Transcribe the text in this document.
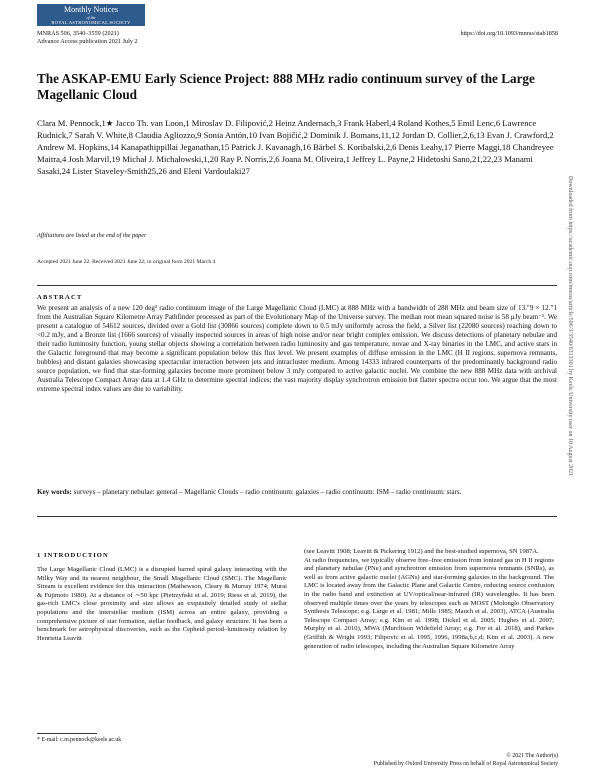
Monthly Notices
of the
ROYAL ASTRONOMICAL SOCIETY
MNRAS 506, 3540–3559 (2021)
Advance Access publication 2021 July 2
https://doi.org/10.1093/mnras/stab1858
The ASKAP-EMU Early Science Project: 888 MHz radio continuum survey of the Large Magellanic Cloud
Clara M. Pennock,1★ Jacco Th. van Loon,1 Miroslav D. Filipović,2 Heinz Andernach,3 Frank Haberl,4 Roland Kothes,5 Emil Lenc,6 Lawrence Rudnick,7 Sarah V. White,8 Claudia Agliozzo,9 Sonia Antón,10 Ivan Bojičić,2 Dominik J. Bomans,11,12 Jordan D. Collier,2,6,13 Evan J. Crawford,2 Andrew M. Hopkins,14 Kanapathippillai Jeganathan,15 Patrick J. Kavanagh,16 Bärbel S. Koribalski,2,6 Denis Leahy,17 Pierre Maggi,18 Chandreyee Maitra,4 Josh Marvil,19 Michał J. Michałowski,1,20 Ray P. Norris,2,6 Joana M. Oliveira,1 Jeffrey L. Payne,2 Hidetoshi Sano,21,22,23 Manami Sasaki,24 Lister Staveley-Smith25,26 and Eleni Vardoulaki27
Affiliations are listed at the end of the paper
Accepted 2021 June 22. Received 2021 June 22; in original form 2021 March 4
ABSTRACT
We present an analysis of a new 120 deg² radio continuum image of the Large Magellanic Cloud (LMC) at 888 MHz with a bandwidth of 288 MHz and beam size of 13.″9 × 12.″1 from the Australian Square Kilometre Array Pathfinder processed as part of the Evolutionary Map of the Universe survey. The median root mean squared noise is 58 μJy beam⁻¹. We present a catalogue of 54612 sources, divided over a Gold list (30866 sources) complete down to 0.5 mJy uniformly across the field, a Silver list (22080 sources) reaching down to <0.2 mJy, and a Bronze list (1666 sources) of visually inspected sources in areas of high noise and/or near bright complex emission. We discuss detections of planetary nebulae and their radio luminosity function, young stellar objects showing a correlation between radio luminosity and gas temperature, novae and X-ray binaries in the LMC, and active stars in the Galactic foreground that may become a significant population below this flux level. We present examples of diffuse emission in the LMC (H II regions, supernova remnants, bubbles) and distant galaxies showcasing spectacular interaction between jets and intracluster medium. Among 14333 infrared counterparts of the predominantly background radio source population, we find that star-forming galaxies become more prominent below 3 mJy compared to active galactic nuclei. We combine the new 888 MHz data with archival Australia Telescope Compact Array data at 1.4 GHz to determine spectral indices; the vast majority display synchrotron emission but flatter spectra occur too. We argue that the most extreme spectral index values are due to variability.
Key words: surveys – planetary nebulae: general – Magellanic Clouds – radio continuum: galaxies – radio continuum: ISM – radio continuum: stars.
1 INTRODUCTION
The Large Magellanic Cloud (LMC) is a disrupted barred spiral galaxy interacting with the Milky Way and its nearest neighbour, the Small Magellanic Cloud (SMC). The Magellanic Stream is excellent evidence for this interaction (Mathewson, Cleary & Murray 1974; Murai & Fujimoto 1980). At a distance of ∼50 kpc (Pietrzyński et al. 2019; Riess et al. 2019), the gas-rich LMC's close proximity and size allows an exquisitely detailed study of stellar populations and the interstellar medium (ISM) across an entire galaxy, providing a comprehensive picture of star formation, stellar feedback, and galaxy structure. It has been a benchmark for astrophysical discoveries, such as the Cepheid period–luminosity relation by Henrietta Leavitt
(see Leavitt 1908; Leavitt & Pickering 1912) and the best-studied supernova, SN 1987A.
At radio frequencies, we typically observe free–free emission from ionized gas in H II regions and planetary nebulae (PNe) and synchrotron emission from supernova remnants (SNRs), as well as from active galactic nuclei (AGNs) and star-forming galaxies in the background. The LMC is located away from the Galactic Plane and Galactic Centre, reducing source confusion in the radio band and extinction at UV/optical/near-infrared (IR) wavelengths. It has been observed multiple times over the years by telescopes such as MOST (Molonglo Observatory Synthesis Telescope; e.g. Large et al. 1981; Mills 1985; Mauch et al. 2003), ATCA (Australia Telescope Compact Array; e.g. Kim et al. 1998; Dickel et al. 2005; Hughes et al. 2007; Murphy et al. 2010), MWA (Murchison Widefield Array; e.g. For et al. 2018), and Parkes (Griffith & Wright 1993; Filipovic et al. 1995, 1996, 1998a,b,c,d; Kim et al. 2003). A new generation of radio telescopes, including the Australian Square Kilometre Array
* E-mail: c.m.pennock@keele.ac.uk
© 2021 The Author(s)
Published by Oxford University Press on behalf of Royal Astronomical Society
Downloaded from https://academic.oup.com/mnras/article/506/3/3540/6313301 by Keele University user on 10 August 2021
